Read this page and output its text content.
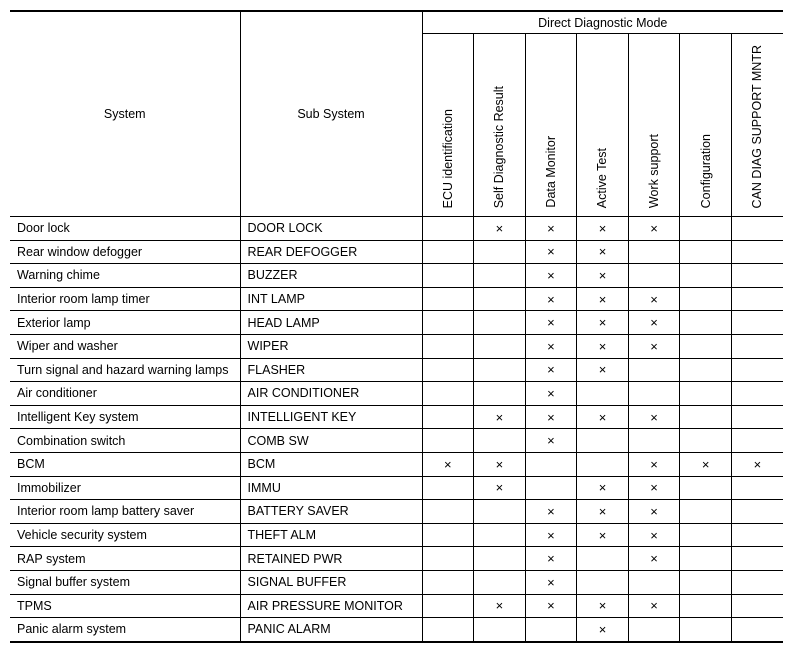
System	Sub System	Direct Diagnostic Mode						

		ECU identification	Self Diagnostic Result	Data Monitor	Active Test	Work support	Configuration	CAN DIAG SUPPORT MNTR

Door lock	DOOR LOCK		×	×	×	×		
Rear window defogger	REAR DEFOGGER			×	×			
Warning chime	BUZZER			×	×			
Interior room lamp timer	INT LAMP			×	×	×		
Exterior lamp	HEAD LAMP			×	×	×		
Wiper and washer	WIPER			×	×	×		
Turn signal and hazard warning lamps	FLASHER			×	×			
Air conditioner	AIR CONDITIONER			×				
Intelligent Key system	INTELLIGENT KEY		×	×	×	×		
Combination switch	COMB SW			×				
BCM	BCM	×	×			×	×	×
Immobilizer	IMMU		×		×	×		
Interior room lamp battery saver	BATTERY SAVER			×	×	×		
Vehicle security system	THEFT ALM			×	×	×		
RAP system	RETAINED PWR			×		×		
Signal buffer system	SIGNAL BUFFER			×				
TPMS	AIR PRESSURE MONITOR		×	×	×	×		
Panic alarm system	PANIC ALARM				×			
